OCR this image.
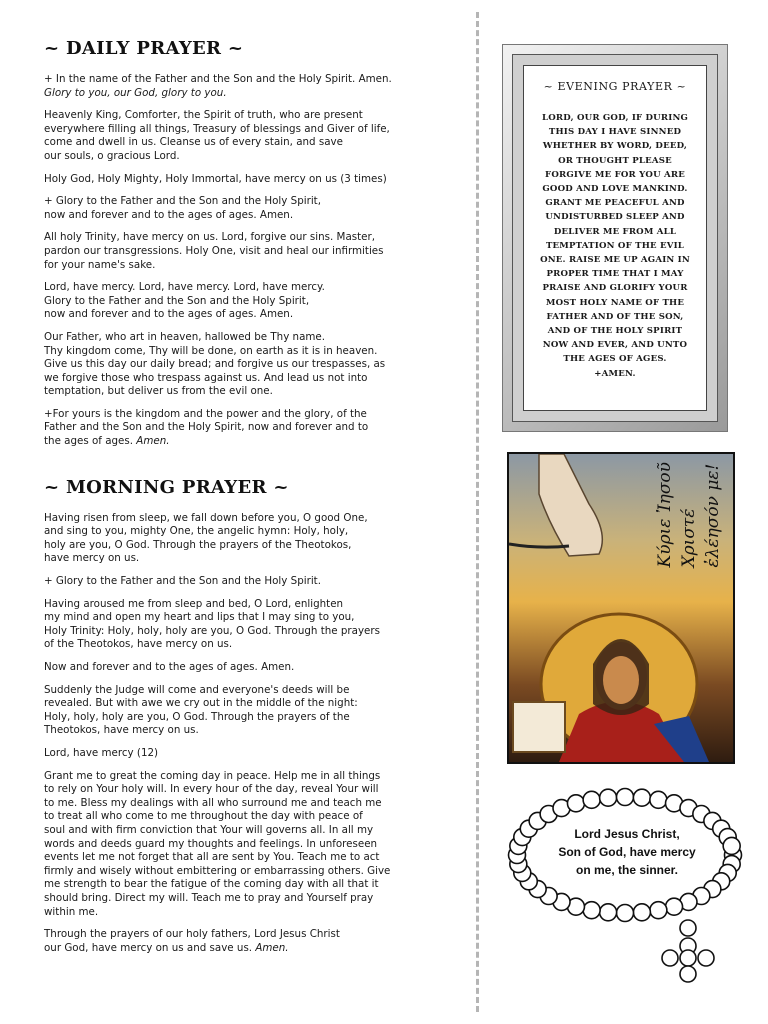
~ DAILY PRAYER ~

+ In the name of the Father and the Son and the Holy Spirit. Amen.
Glory to you, our God, glory to you.

Heavenly King, Comforter, the Spirit of truth, who are present
everywhere filling all things, Treasury of blessings and Giver of life,
come and dwell in us. Cleanse us of every stain, and save
our souls, o gracious Lord.

Holy God, Holy Mighty, Holy Immortal, have mercy on us (3 times)

+ Glory to the Father and the Son and the Holy Spirit,
now and forever and to the ages of ages. Amen.

All holy Trinity, have mercy on us. Lord, forgive our sins. Master,
pardon our transgressions. Holy One, visit and heal our infirmities
for your name's sake.

Lord, have mercy. Lord, have mercy. Lord, have mercy.
Glory to the Father and the Son and the Holy Spirit,
now and forever and to the ages of ages. Amen.

Our Father, who art in heaven, hallowed be Thy name.
Thy kingdom come, Thy will be done, on earth as it is in heaven.
Give us this day our daily bread; and forgive us our trespasses, as
we forgive those who trespass against us. And lead us not into
temptation, but deliver us from the evil one.

+For yours is the kingdom and the power and the glory, of the
Father and the Son and the Holy Spirit, now and forever and to
the ages of ages. Amen.

~ MORNING PRAYER ~

Having risen from sleep, we fall down before you, O good One,
and sing to you, mighty One, the angelic hymn: Holy, holy,
holy are you, O God. Through the prayers of the Theotokos,
have mercy on us.

+ Glory to the Father and the Son and the Holy Spirit.

Having aroused me from sleep and bed, O Lord, enlighten
my mind and open my heart and lips that I may sing to you,
Holy Trinity: Holy, holy, holy are you, O God. Through the prayers
of the Theotokos, have mercy on us.

Now and forever and to the ages of ages. Amen.

Suddenly the Judge will come and everyone's deeds will be
revealed. But with awe we cry out in the middle of the night:
Holy, holy, holy are you, O God. Through the prayers of the
Theotokos, have mercy on us.

Lord, have mercy (12)

Grant me to great the coming day in peace. Help me in all things
to rely on Your holy will. In every hour of the day, reveal Your will
to me. Bless my dealings with all who surround me and teach me
to treat all who come to me throughout the day with peace of
soul and with firm conviction that Your will governs all. In all my
words and deeds guard my thoughts and feelings. In unforeseen
events let me not forget that all are sent by You. Teach me to act
firmly and wisely without embittering or embarrassing others. Give
me strength to bear the fatigue of the coming day with all that it
should bring. Direct my will. Teach me to pray and Yourself pray
within me.

Through the prayers of our holy fathers, Lord Jesus Christ
our God, have mercy on us and save us. Amen.

~ EVENING PRAYER ~
LORD, OUR GOD, IF DURING
THIS DAY I HAVE SINNED
WHETHER BY WORD, DEED,
OR THOUGHT PLEASE
FORGIVE ME FOR YOU ARE
GOOD AND LOVE MANKIND.
GRANT ME PEACEFUL AND
UNDISTURBED SLEEP AND
DELIVER ME FROM ALL
TEMPTATION OF THE EVIL
ONE. RAISE ME UP AGAIN IN
PROPER TIME THAT I MAY
PRAISE AND GLORIFY YOUR
MOST HOLY NAME OF THE
FATHER AND OF THE SON,
AND OF THE HOLY SPIRIT
NOW AND EVER, AND UNTO
THE AGES OF AGES.
+AMEN.
Κύριε Ἰησοῦ
Χριστέ
ἐλέησόν με!
Lord Jesus Christ,
Son of God, have mercy
on me, the sinner.
